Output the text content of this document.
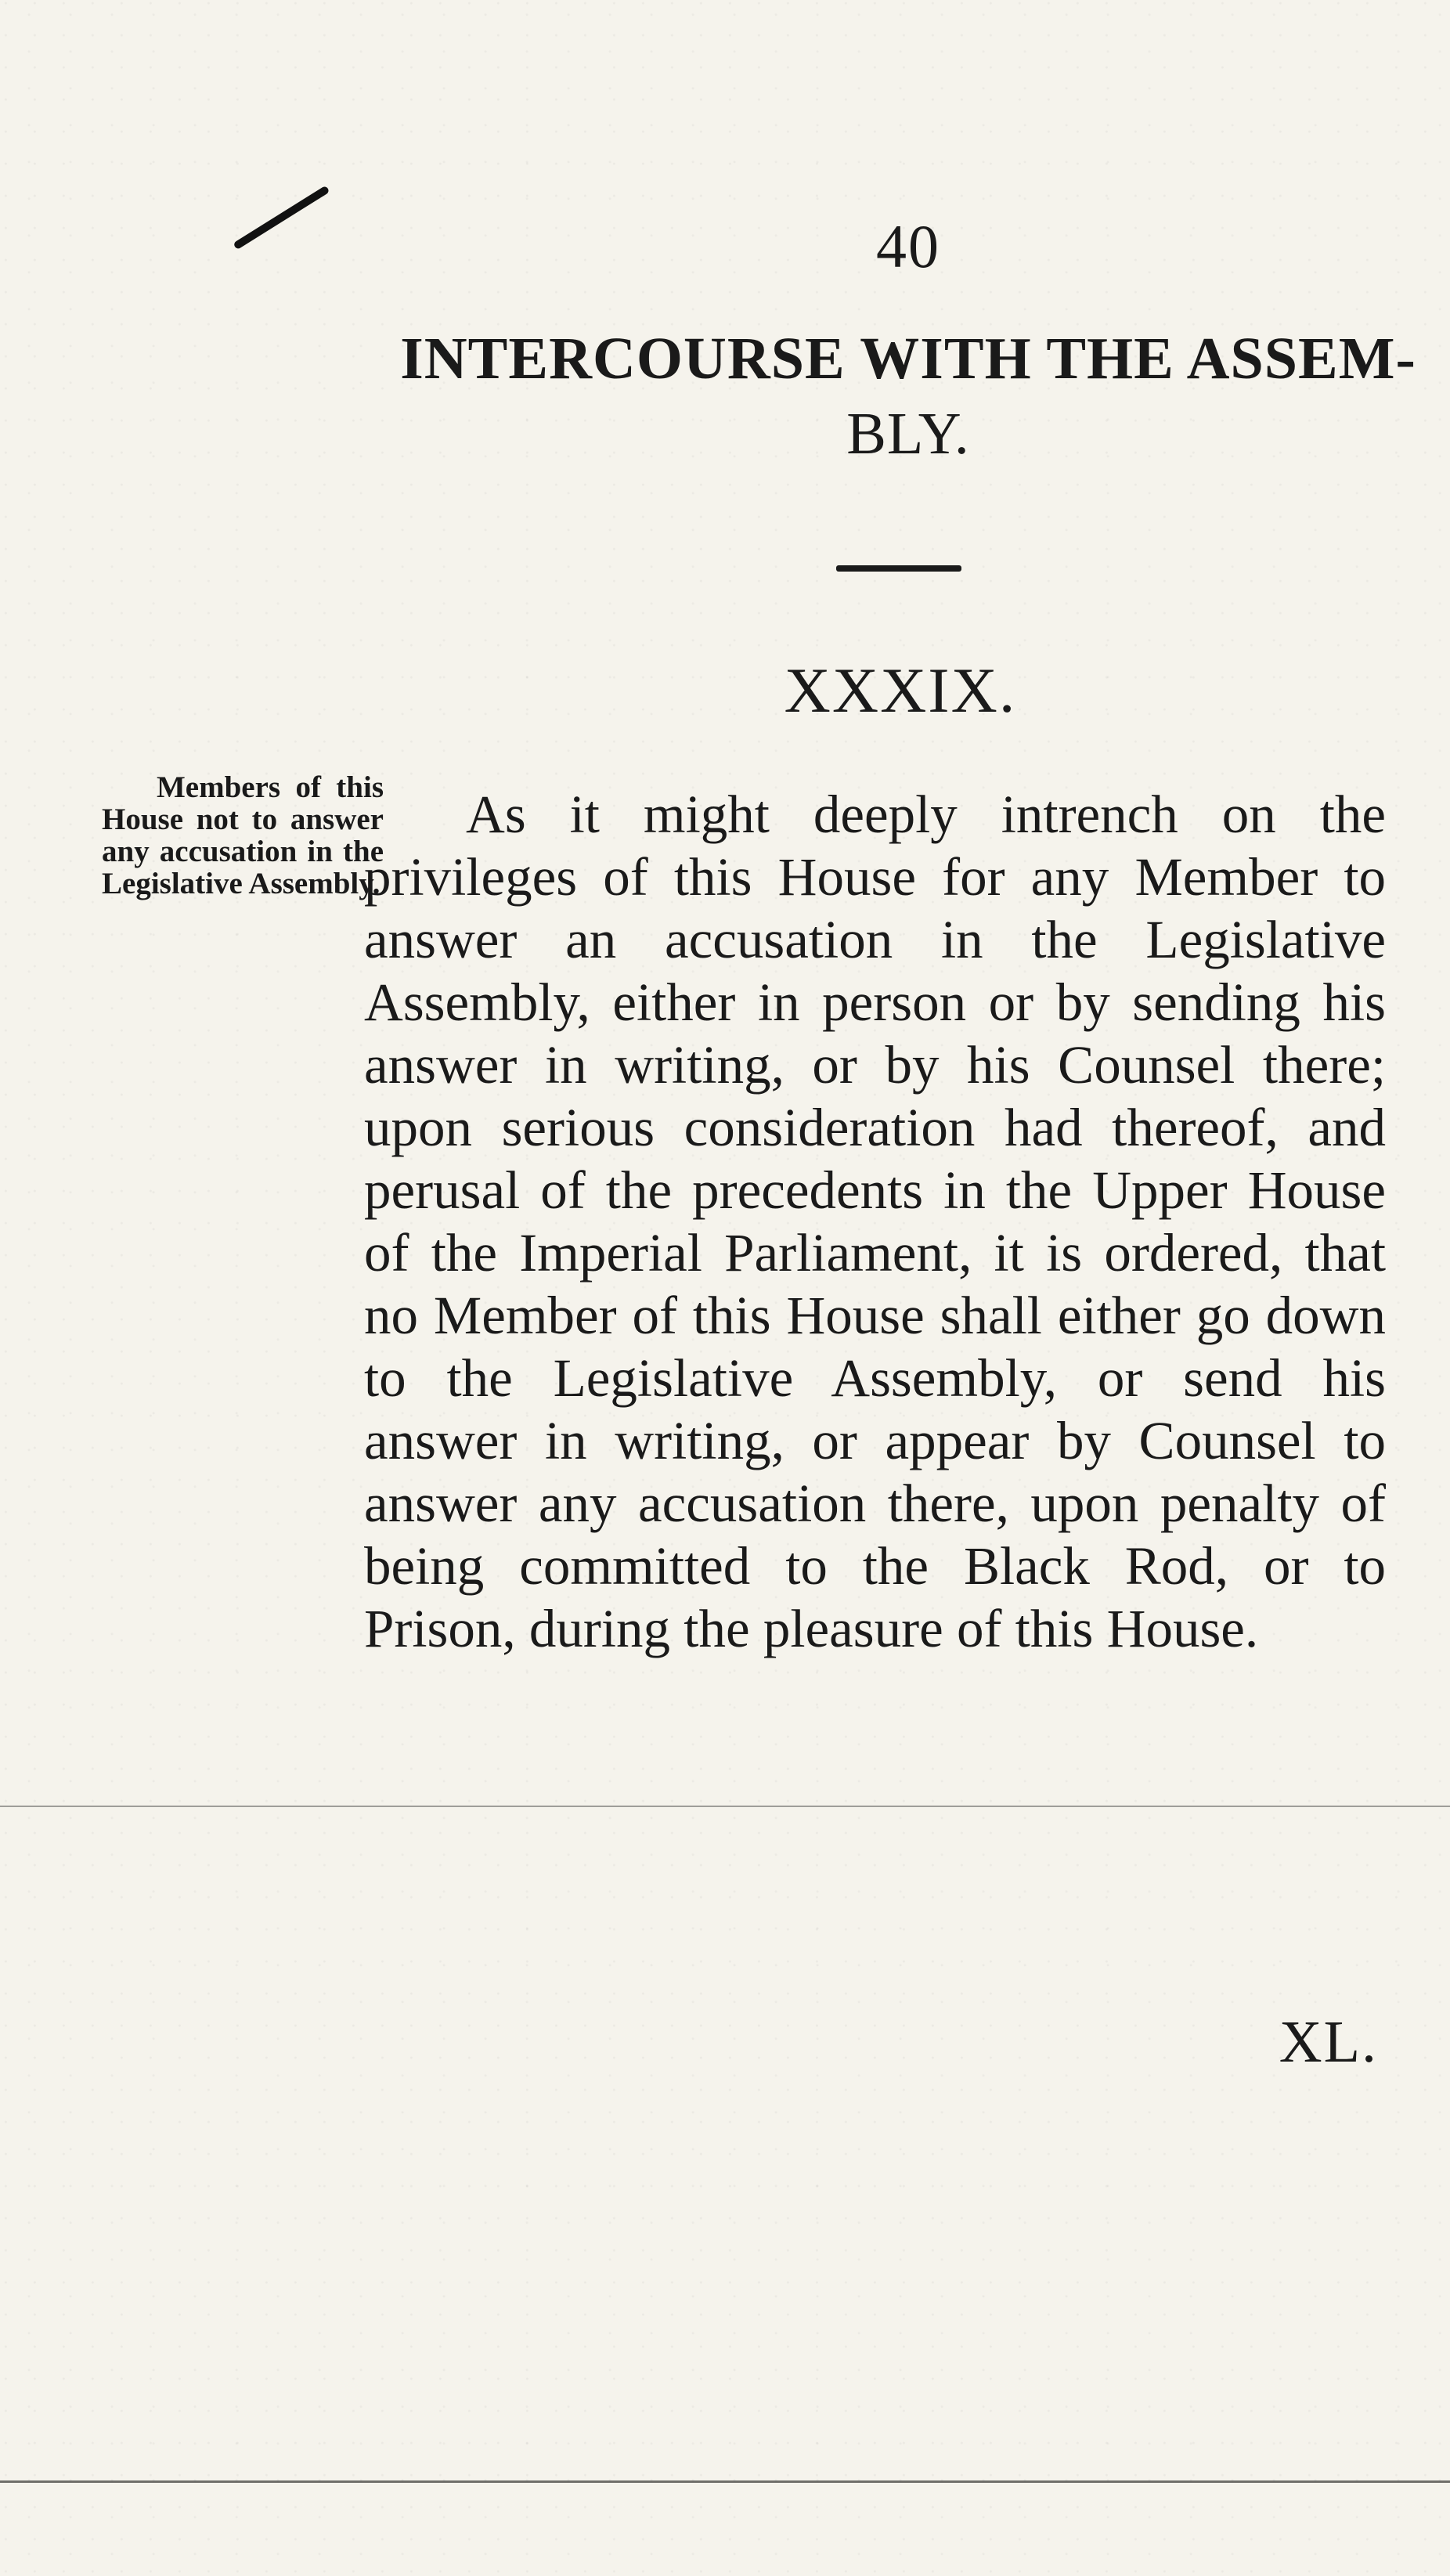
40
INTERCOURSE WITH THE ASSEM-
BLY.
XXXIX.
Members of this House not to answer any accusation in the Legislative Assembly.
As it might deeply intrench on the privileges of this House for any Member to answer an accusation in the Legislative Assembly, either in person or by sending his answer in writing, or by his Counsel there; upon serious consideration had thereof, and perusal of the precedents in the Upper House of the Imperial Parliament, it is ordered, that no Member of this House shall either go down to the Legislative Assembly, or send his answer in writing, or appear by Counsel to answer any accusation there, upon penalty of being committed to the Black Rod, or to Prison, during the pleasure of this House.
XL.
